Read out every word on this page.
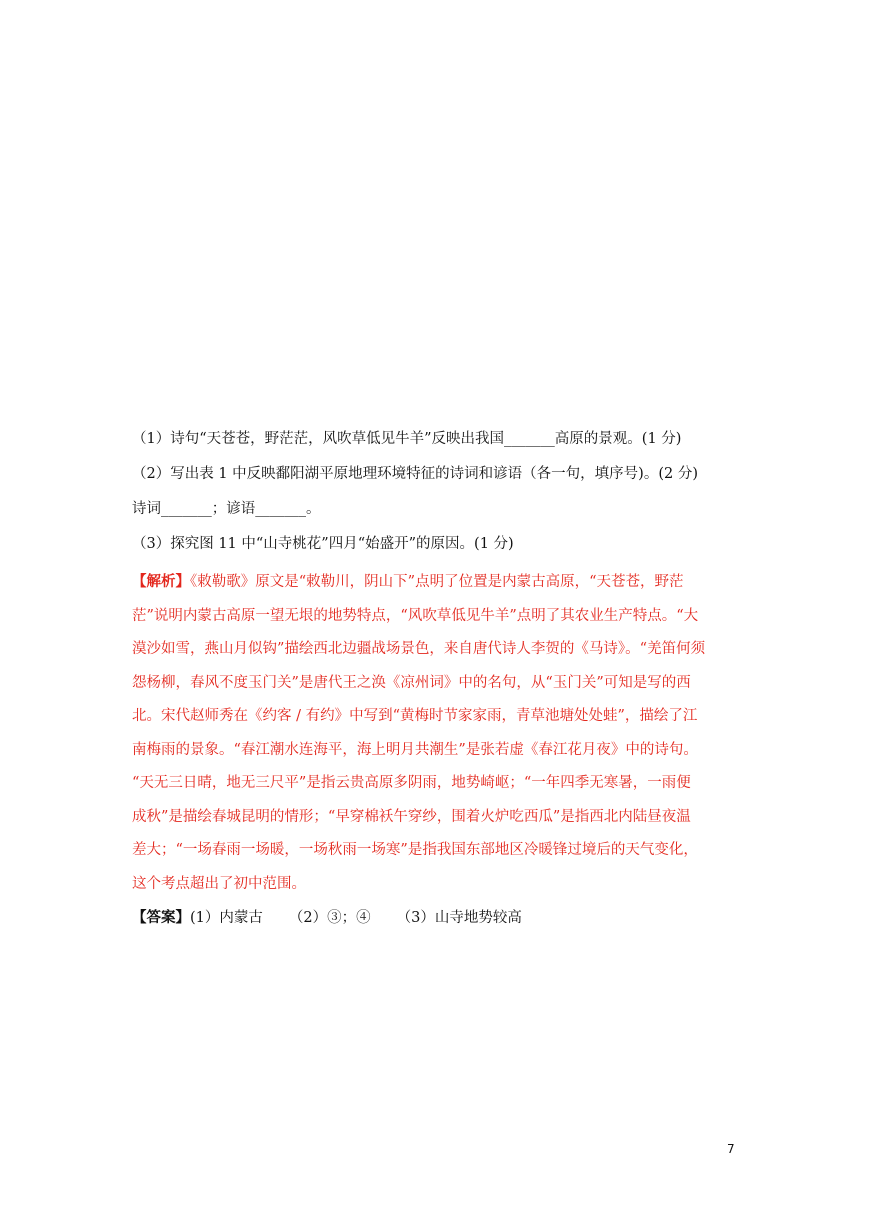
（1）诗句“天苍苍，野茫茫，风吹草低见牛羊”反映出我国_______高原的景观。(1 分)
（2）写出表 1 中反映鄱阳湖平原地理环境特征的诗词和谚语（各一句，填序号)。(2 分)
诗词_______；谚语_______。
（3）探究图 11 中“山寺桃花”四月“始盛开”的原因。(1 分)
【解析】《敕勒歌》原文是“敕勒川，阴山下”点明了位置是内蒙古高原，“天苍苍，野茫
茫”说明内蒙古高原一望无垠的地势特点，“风吹草低见牛羊”点明了其农业生产特点。“大
漠沙如雪，燕山月似钩”描绘西北边疆战场景色，来自唐代诗人李贺的《马诗》。“羌笛何须
怨杨柳，春风不度玉门关”是唐代王之涣《凉州词》中的名句，从“玉门关”可知是写的西
北。宋代赵师秀在《约客 / 有约》中写到“黄梅时节家家雨，青草池塘处处蛙”，描绘了江
南梅雨的景象。“春江潮水连海平，海上明月共潮生”是张若虚《春江花月夜》中的诗句。
“天无三日晴，地无三尺平”是指云贵高原多阴雨，地势崎岖；“一年四季无寒暑，一雨便
成秋”是描绘春城昆明的情形；“早穿棉袄午穿纱，围着火炉吃西瓜”是指西北内陆昼夜温
差大；“一场春雨一场暖，一场秋雨一场寒”是指我国东部地区冷暖锋过境后的天气变化，
这个考点超出了初中范围。
【答案】(1）内蒙古 （2）③；④ （3）山寺地势较高
7
